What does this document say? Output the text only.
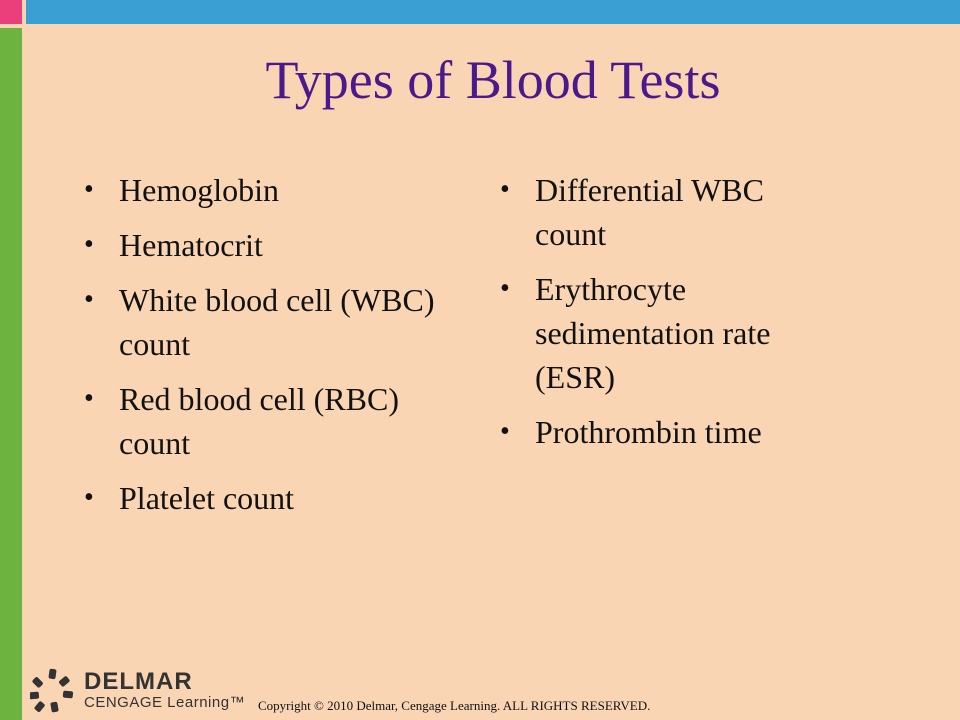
Types of Blood Tests
• Hemoglobin
• Hematocrit
• White blood cell (WBC) count
• Red blood cell (RBC) count
• Platelet count
• Differential WBC count
• Erythrocyte sedimentation rate (ESR)
• Prothrombin time
DELMAR
CENGAGE Learning™ Copyright © 2010 Delmar, Cengage Learning. ALL RIGHTS RESERVED.
